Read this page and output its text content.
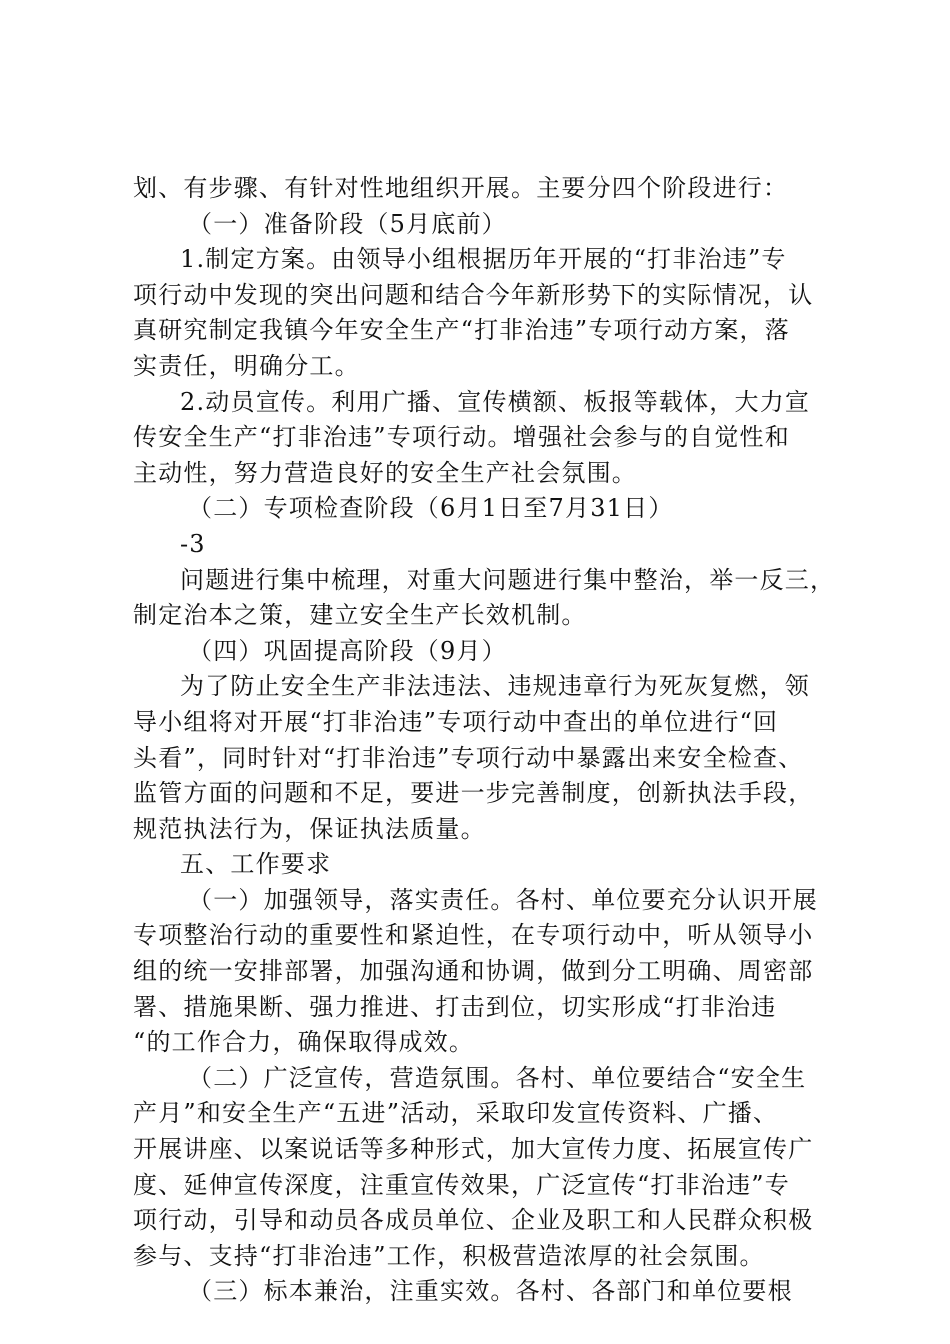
划、有步骤、有针对性地组织开展。主要分四个阶段进行：
（一）准备阶段（5月底前）
1.制定方案。由领导小组根据历年开展的“打非治违”专
项行动中发现的突出问题和结合今年新形势下的实际情况，认
真研究制定我镇今年安全生产“打非治违”专项行动方案，落
实责任，明确分工。
2.动员宣传。利用广播、宣传横额、板报等载体，大力宣
传安全生产“打非治违”专项行动。增强社会参与的自觉性和
主动性，努力营造良好的安全生产社会氛围。
（二）专项检查阶段（6月1日至7月31日）
-3
问题进行集中梳理，对重大问题进行集中整治，举一反三，
制定治本之策，建立安全生产长效机制。
（四）巩固提高阶段（9月）
为了防止安全生产非法违法、违规违章行为死灰复燃，领
导小组将对开展“打非治违”专项行动中查出的单位进行“回
头看”，同时针对“打非治违”专项行动中暴露出来安全检查、
监管方面的问题和不足，要进一步完善制度，创新执法手段，
规范执法行为，保证执法质量。
五、工作要求
（一）加强领导，落实责任。各村、单位要充分认识开展
专项整治行动的重要性和紧迫性，在专项行动中，听从领导小
组的统一安排部署，加强沟通和协调，做到分工明确、周密部
署、措施果断、强力推进、打击到位，切实形成“打非治违
“的工作合力，确保取得成效。
（二）广泛宣传，营造氛围。各村、单位要结合“安全生
产月”和安全生产“五进”活动，采取印发宣传资料、广播、
开展讲座、以案说话等多种形式，加大宣传力度、拓展宣传广
度、延伸宣传深度，注重宣传效果，广泛宣传“打非治违”专
项行动，引导和动员各成员单位、企业及职工和人民群众积极
参与、支持“打非治违”工作，积极营造浓厚的社会氛围。
（三）标本兼治，注重实效。各村、各部门和单位要根
